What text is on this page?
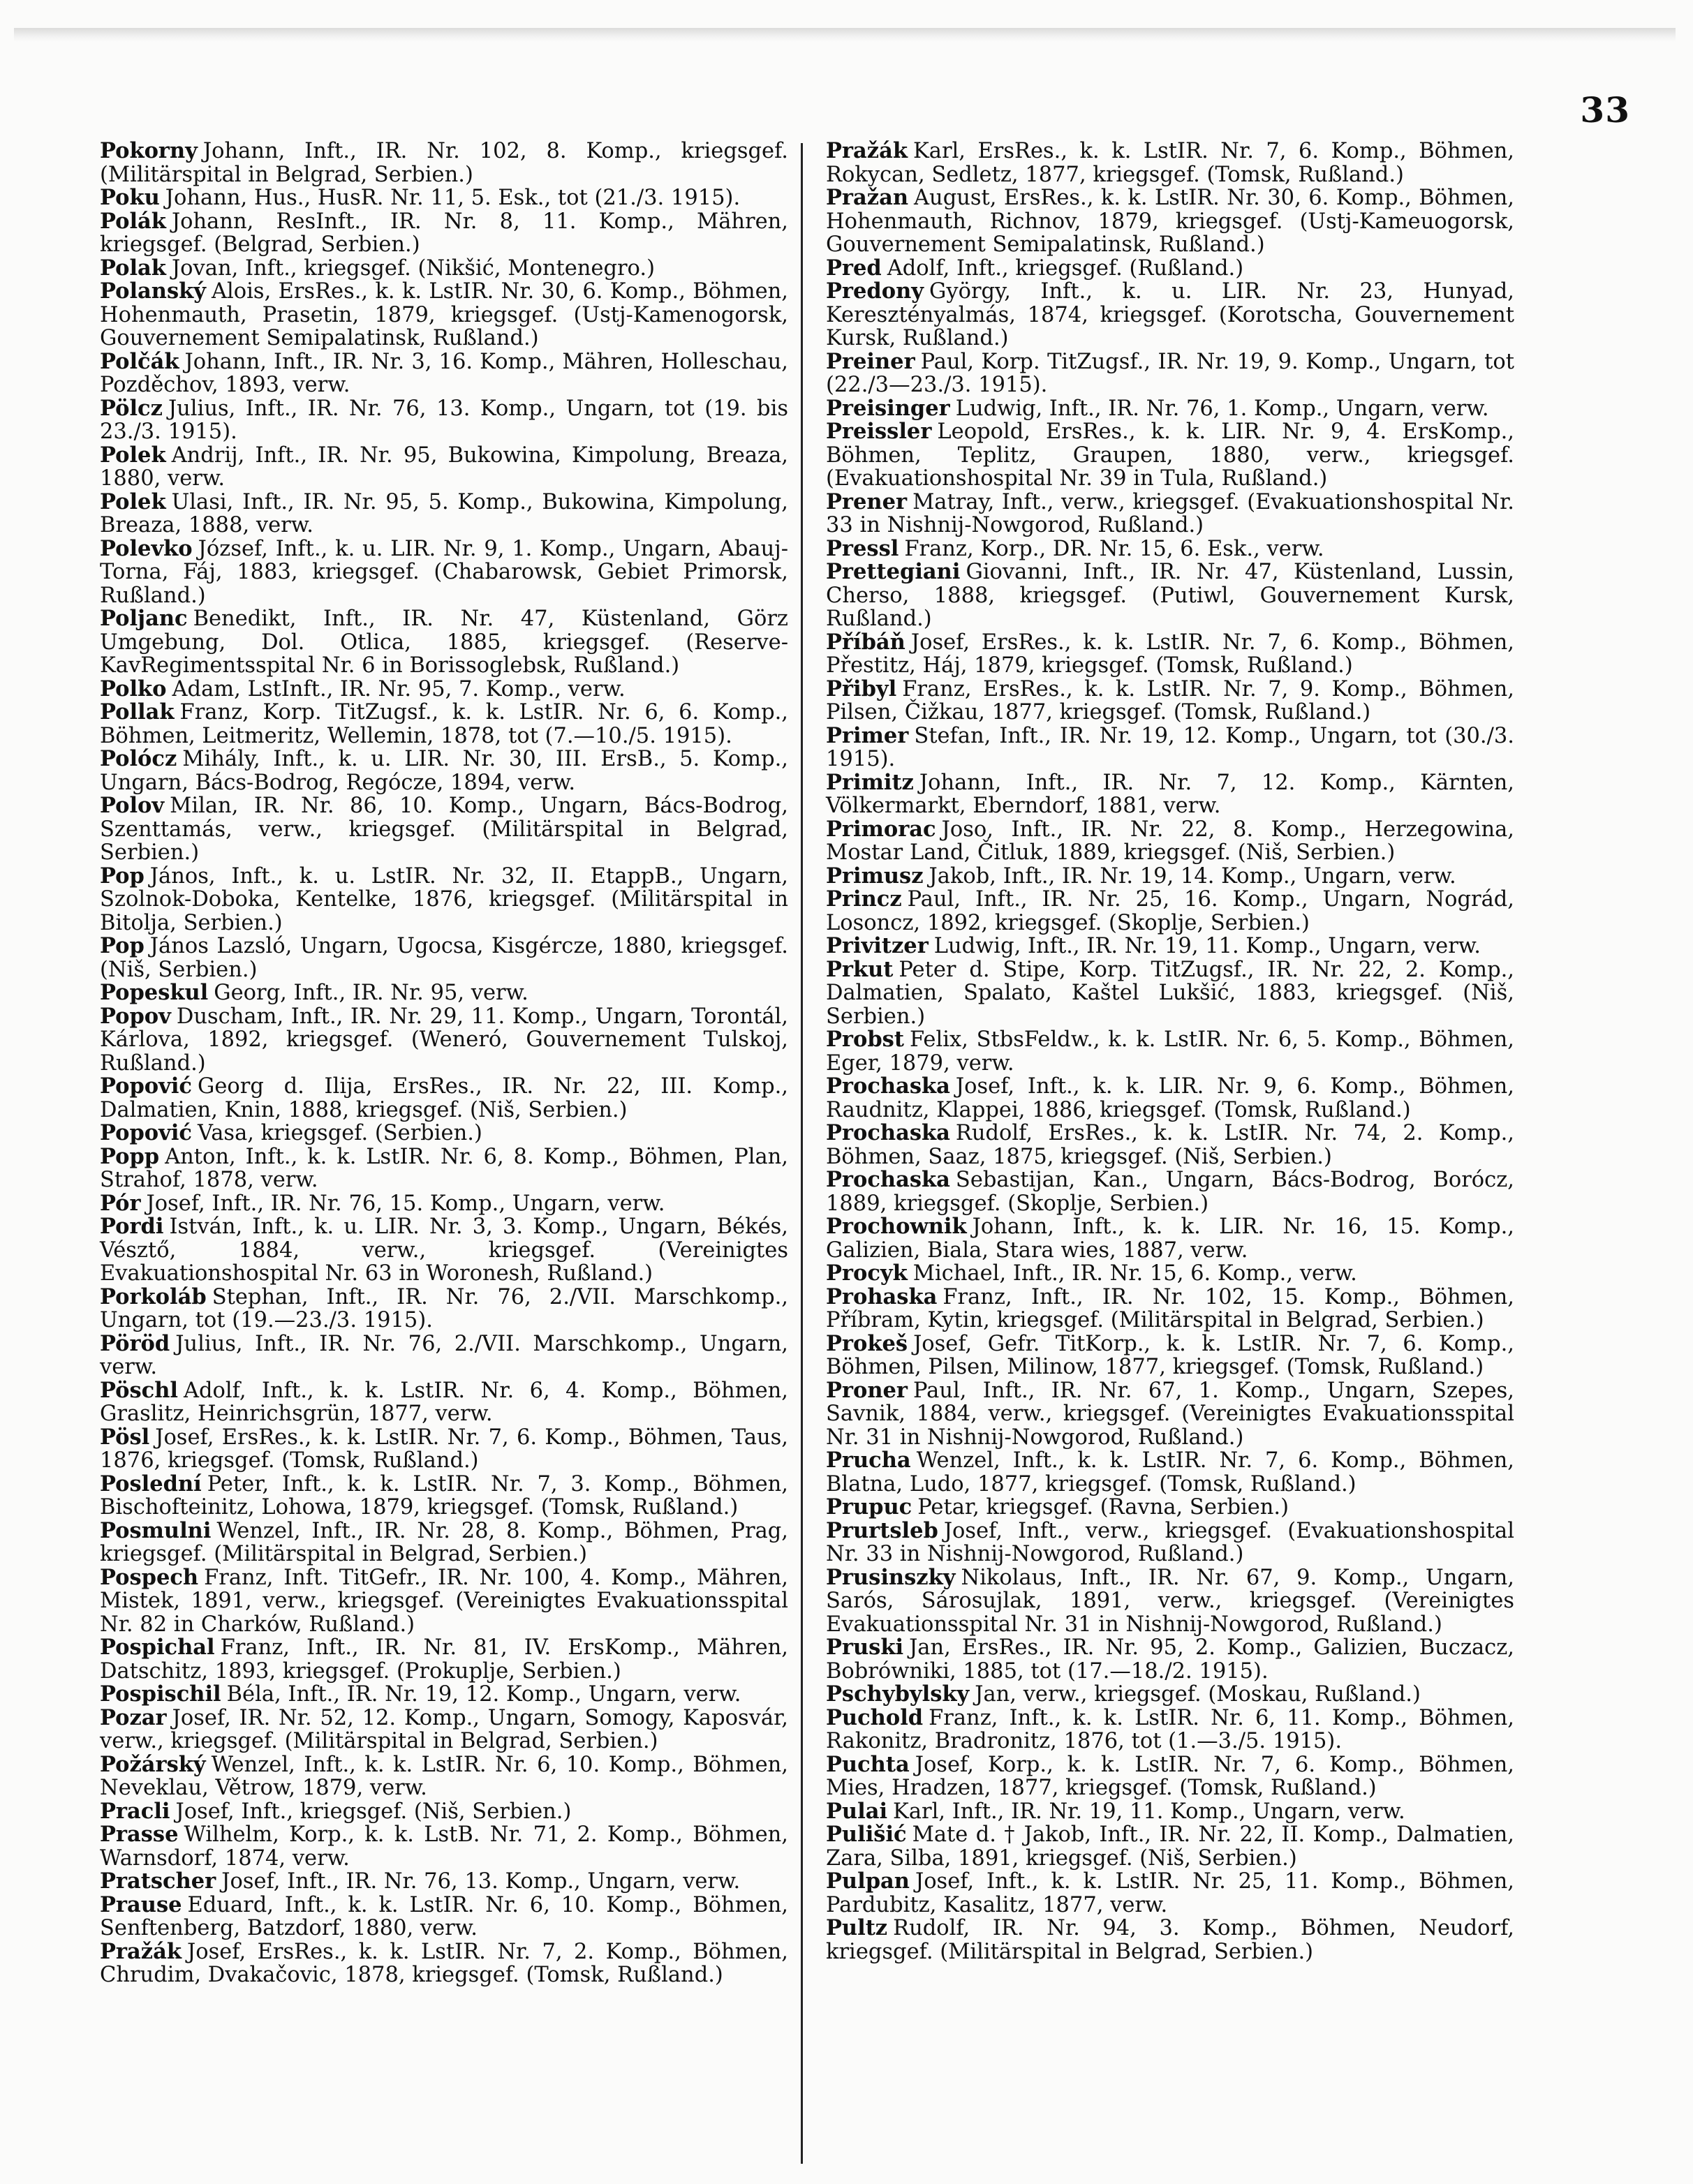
33

Pokorny Johann, Inft., IR. Nr. 102, 8. Komp., kriegsgef. (Militärspital in Belgrad, Serbien.)

Poku Johann, Hus., HusR. Nr. 11, 5. Esk., tot (21./3. 1915).

Polák Johann, ResInft., IR. Nr. 8, 11. Komp., Mähren, kriegsgef. (Belgrad, Serbien.)

Polak Jovan, Inft., kriegsgef. (Nikšić, Montenegro.)

Polanský Alois, ErsRes., k. k. LstIR. Nr. 30, 6. Komp., Böhmen, Hohenmauth, Prasetin, 1879, kriegsgef. (Ustj-Kamenogorsk, Gouvernement Semipalatinsk, Rußland.)

Polčák Johann, Inft., IR. Nr. 3, 16. Komp., Mähren, Holleschau, Pozděchov, 1893, verw.

Pölcz Julius, Inft., IR. Nr. 76, 13. Komp., Ungarn, tot (19. bis 23./3. 1915).

Polek Andrij, Inft., IR. Nr. 95, Bukowina, Kimpolung, Breaza, 1880, verw.

Polek Ulasi, Inft., IR. Nr. 95, 5. Komp., Bukowina, Kimpolung, Breaza, 1888, verw.

Polevko József, Inft., k. u. LIR. Nr. 9, 1. Komp., Ungarn, Abauj-Torna, Fáj, 1883, kriegsgef. (Chabarowsk, Gebiet Primorsk, Rußland.)

Poljanc Benedikt, Inft., IR. Nr. 47, Küstenland, Görz Umgebung, Dol. Otlica, 1885, kriegsgef. (Reserve-KavRegimentsspital Nr. 6 in Borissoglebsk, Rußland.)

Polko Adam, LstInft., IR. Nr. 95, 7. Komp., verw.

Pollak Franz, Korp. TitZugsf., k. k. LstIR. Nr. 6, 6. Komp., Böhmen, Leitmeritz, Wellemin, 1878, tot (7.—10./5. 1915).

Polócz Mihály, Inft., k. u. LIR. Nr. 30, III. ErsB., 5. Komp., Ungarn, Bács-Bodrog, Regócze, 1894, verw.

Polov Milan, IR. Nr. 86, 10. Komp., Ungarn, Bács-Bodrog, Szenttamás, verw., kriegsgef. (Militärspital in Belgrad, Serbien.)

Pop János, Inft., k. u. LstIR. Nr. 32, II. EtappB., Ungarn, Szolnok-Doboka, Kentelke, 1876, kriegsgef. (Militärspital in Bitolja, Serbien.)

Pop János Lazsló, Ungarn, Ugocsa, Kisgércze, 1880, kriegsgef. (Niš, Serbien.)

Popeskul Georg, Inft., IR. Nr. 95, verw.

Popov Duscham, Inft., IR. Nr. 29, 11. Komp., Ungarn, Torontál, Kárlova, 1892, kriegsgef. (Weneró, Gouvernement Tulskoj, Rußland.)

Popović Georg d. Ilija, ErsRes., IR. Nr. 22, III. Komp., Dalmatien, Knin, 1888, kriegsgef. (Niš, Serbien.)

Popović Vasa, kriegsgef. (Serbien.)

Popp Anton, Inft., k. k. LstIR. Nr. 6, 8. Komp., Böhmen, Plan, Strahof, 1878, verw.

Pór Josef, Inft., IR. Nr. 76, 15. Komp., Ungarn, verw.

Pordi István, Inft., k. u. LIR. Nr. 3, 3. Komp., Ungarn, Békés, Vésztő, 1884, verw., kriegsgef. (Vereinigtes Evakuationshospital Nr. 63 in Woronesh, Rußland.)

Porkoláb Stephan, Inft., IR. Nr. 76, 2./VII. Marschkomp., Ungarn, tot (19.—23./3. 1915).

Pöröd Julius, Inft., IR. Nr. 76, 2./VII. Marschkomp., Ungarn, verw.

Pöschl Adolf, Inft., k. k. LstIR. Nr. 6, 4. Komp., Böhmen, Graslitz, Heinrichsgrün, 1877, verw.

Pösl Josef, ErsRes., k. k. LstIR. Nr. 7, 6. Komp., Böhmen, Taus, 1876, kriegsgef. (Tomsk, Rußland.)

Poslední Peter, Inft., k. k. LstIR. Nr. 7, 3. Komp., Böhmen, Bischofteinitz, Lohowa, 1879, kriegsgef. (Tomsk, Rußland.)

Posmulni Wenzel, Inft., IR. Nr. 28, 8. Komp., Böhmen, Prag, kriegsgef. (Militärspital in Belgrad, Serbien.)

Pospech Franz, Inft. TitGefr., IR. Nr. 100, 4. Komp., Mähren, Mistek, 1891, verw., kriegsgef. (Vereinigtes Evakuationsspital Nr. 82 in Charków, Rußland.)

Pospichal Franz, Inft., IR. Nr. 81, IV. ErsKomp., Mähren, Datschitz, 1893, kriegsgef. (Prokuplje, Serbien.)

Pospischil Béla, Inft., IR. Nr. 19, 12. Komp., Ungarn, verw.

Pozar Josef, IR. Nr. 52, 12. Komp., Ungarn, Somogy, Kaposvár, verw., kriegsgef. (Militärspital in Belgrad, Serbien.)

Požárský Wenzel, Inft., k. k. LstIR. Nr. 6, 10. Komp., Böhmen, Neveklau, Větrow, 1879, verw.

Pracli Josef, Inft., kriegsgef. (Niš, Serbien.)

Prasse Wilhelm, Korp., k. k. LstB. Nr. 71, 2. Komp., Böhmen, Warnsdorf, 1874, verw.

Pratscher Josef, Inft., IR. Nr. 76, 13. Komp., Ungarn, verw.

Prause Eduard, Inft., k. k. LstIR. Nr. 6, 10. Komp., Böhmen, Senftenberg, Batzdorf, 1880, verw.

Pražák Josef, ErsRes., k. k. LstIR. Nr. 7, 2. Komp., Böhmen, Chrudim, Dvakačovic, 1878, kriegsgef. (Tomsk, Rußland.)

Pražák Karl, ErsRes., k. k. LstIR. Nr. 7, 6. Komp., Böhmen, Rokycan, Sedletz, 1877, kriegsgef. (Tomsk, Rußland.)

Pražan August, ErsRes., k. k. LstIR. Nr. 30, 6. Komp., Böhmen, Hohenmauth, Richnov, 1879, kriegsgef. (Ustj-Kameuogorsk, Gouvernement Semipalatinsk, Rußland.)

Pred Adolf, Inft., kriegsgef. (Rußland.)

Predony György, Inft., k. u. LIR. Nr. 23, Hunyad, Keresztényalmás, 1874, kriegsgef. (Korotscha, Gouvernement Kursk, Rußland.)

Preiner Paul, Korp. TitZugsf., IR. Nr. 19, 9. Komp., Ungarn, tot (22./3—23./3. 1915).

Preisinger Ludwig, Inft., IR. Nr. 76, 1. Komp., Ungarn, verw.

Preissler Leopold, ErsRes., k. k. LIR. Nr. 9, 4. ErsKomp., Böhmen, Teplitz, Graupen, 1880, verw., kriegsgef. (Evakuationshospital Nr. 39 in Tula, Rußland.)

Prener Matray, Inft., verw., kriegsgef. (Evakuationshospital Nr. 33 in Nishnij-Nowgorod, Rußland.)

Pressl Franz, Korp., DR. Nr. 15, 6. Esk., verw.

Prettegiani Giovanni, Inft., IR. Nr. 47, Küstenland, Lussin, Cherso, 1888, kriegsgef. (Putiwl, Gouvernement Kursk, Rußland.)

Příbáň Josef, ErsRes., k. k. LstIR. Nr. 7, 6. Komp., Böhmen, Přestitz, Háj, 1879, kriegsgef. (Tomsk, Rußland.)

Přibyl Franz, ErsRes., k. k. LstIR. Nr. 7, 9. Komp., Böhmen, Pilsen, Čižkau, 1877, kriegsgef. (Tomsk, Rußland.)

Primer Stefan, Inft., IR. Nr. 19, 12. Komp., Ungarn, tot (30./3. 1915).

Primitz Johann, Inft., IR. Nr. 7, 12. Komp., Kärnten, Völkermarkt, Eberndorf, 1881, verw.

Primorac Joso, Inft., IR. Nr. 22, 8. Komp., Herzegowina, Mostar Land, Čitluk, 1889, kriegsgef. (Niš, Serbien.)

Primusz Jakob, Inft., IR. Nr. 19, 14. Komp., Ungarn, verw.

Princz Paul, Inft., IR. Nr. 25, 16. Komp., Ungarn, Nográd, Losoncz, 1892, kriegsgef. (Skoplje, Serbien.)

Privitzer Ludwig, Inft., IR. Nr. 19, 11. Komp., Ungarn, verw.

Prkut Peter d. Stipe, Korp. TitZugsf., IR. Nr. 22, 2. Komp., Dalmatien, Spalato, Kaštel Lukšić, 1883, kriegsgef. (Niš, Serbien.)

Probst Felix, StbsFeldw., k. k. LstIR. Nr. 6, 5. Komp., Böhmen, Eger, 1879, verw.

Prochaska Josef, Inft., k. k. LIR. Nr. 9, 6. Komp., Böhmen, Raudnitz, Klappei, 1886, kriegsgef. (Tomsk, Rußland.)

Prochaska Rudolf, ErsRes., k. k. LstIR. Nr. 74, 2. Komp., Böhmen, Saaz, 1875, kriegsgef. (Niš, Serbien.)

Prochaska Sebastijan, Kan., Ungarn, Bács-Bodrog, Borócz, 1889, kriegsgef. (Skoplje, Serbien.)

Prochownik Johann, Inft., k. k. LIR. Nr. 16, 15. Komp., Galizien, Biala, Stara wies, 1887, verw.

Procyk Michael, Inft., IR. Nr. 15, 6. Komp., verw.

Prohaska Franz, Inft., IR. Nr. 102, 15. Komp., Böhmen, Příbram, Kytin, kriegsgef. (Militärspital in Belgrad, Serbien.)

Prokeš Josef, Gefr. TitKorp., k. k. LstIR. Nr. 7, 6. Komp., Böhmen, Pilsen, Milinow, 1877, kriegsgef. (Tomsk, Rußland.)

Proner Paul, Inft., IR. Nr. 67, 1. Komp., Ungarn, Szepes, Savnik, 1884, verw., kriegsgef. (Vereinigtes Evakuationsspital Nr. 31 in Nishnij-Nowgorod, Rußland.)

Prucha Wenzel, Inft., k. k. LstIR. Nr. 7, 6. Komp., Böhmen, Blatna, Ludo, 1877, kriegsgef. (Tomsk, Rußland.)

Prupuc Petar, kriegsgef. (Ravna, Serbien.)

Prurtsleb Josef, Inft., verw., kriegsgef. (Evakuationshospital Nr. 33 in Nishnij-Nowgorod, Rußland.)

Prusinszky Nikolaus, Inft., IR. Nr. 67, 9. Komp., Ungarn, Sarós, Sárosujlak, 1891, verw., kriegsgef. (Vereinigtes Evakuationsspital Nr. 31 in Nishnij-Nowgorod, Rußland.)

Pruski Jan, ErsRes., IR. Nr. 95, 2. Komp., Galizien, Buczacz, Bobrówniki, 1885, tot (17.—18./2. 1915).

Pschybylsky Jan, verw., kriegsgef. (Moskau, Rußland.)

Puchold Franz, Inft., k. k. LstIR. Nr. 6, 11. Komp., Böhmen, Rakonitz, Bradronitz, 1876, tot (1.—3./5. 1915).

Puchta Josef, Korp., k. k. LstIR. Nr. 7, 6. Komp., Böhmen, Mies, Hradzen, 1877, kriegsgef. (Tomsk, Rußland.)

Pulai Karl, Inft., IR. Nr. 19, 11. Komp., Ungarn, verw.

Pulišić Mate d. † Jakob, Inft., IR. Nr. 22, II. Komp., Dalmatien, Zara, Silba, 1891, kriegsgef. (Niš, Serbien.)

Pulpan Josef, Inft., k. k. LstIR. Nr. 25, 11. Komp., Böhmen, Pardubitz, Kasalitz, 1877, verw.

Pultz Rudolf, IR. Nr. 94, 3. Komp., Böhmen, Neudorf, kriegsgef. (Militärspital in Belgrad, Serbien.)
